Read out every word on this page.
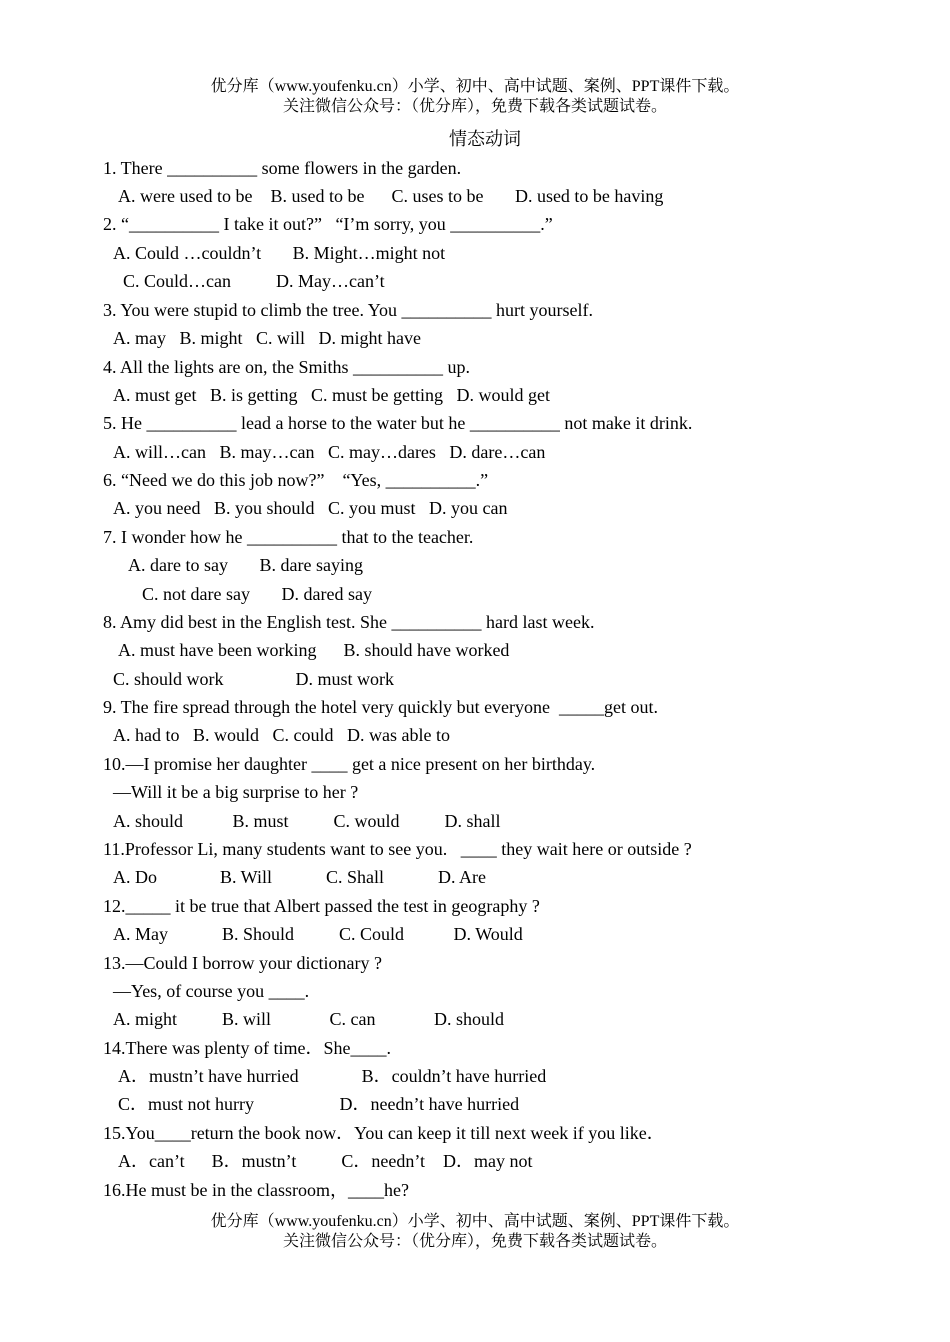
优分库（www.youfenku.cn）小学、初中、高中试题、案例、PPT课件下载。
关注微信公众号：（优分库），免费下载各类试题试卷。
情态动词
1. There __________ some flowers in the garden.
A. were used to be    B. used to be      C. uses to be       D. used to be having
2. “__________ I take it out?”   “I’m sorry, you __________.”
A. Could …couldn’t       B. Might…might not
C. Could…can          D. May…can’t
3. You were stupid to climb the tree. You __________ hurt yourself.
A. may   B. might   C. will   D. might have
4. All the lights are on, the Smiths __________ up.
A. must get   B. is getting   C. must be getting   D. would get
5. He __________ lead a horse to the water but he __________ not make it drink.
A. will…can   B. may…can   C. may…dares   D. dare…can
6. “Need we do this job now?”    “Yes, __________.”
A. you need   B. you should   C. you must   D. you can
7. I wonder how he __________ that to the teacher.
A. dare to say       B. dare saying
C. not dare say       D. dared say
8. Amy did best in the English test. She __________ hard last week.
A. must have been working      B. should have worked
C. should work                D. must work
9. The fire spread through the hotel very quickly but everyone  _____get out.
A. had to   B. would   C. could   D. was able to
10.—I promise her daughter ____ get a nice present on her birthday.
—Will it be a big surprise to her ?
A. should           B. must          C. would          D. shall
11.Professor Li, many students want to see you.   ____ they wait here or outside ?
A. Do              B. Will            C. Shall            D. Are
12._____ it be true that Albert passed the test in geography ?
A. May            B. Should          C. Could           D. Would
13.—Could I borrow your dictionary ?
—Yes, of course you ____.
A. might          B. will             C. can             D. should
14.There was plenty of time．She____.
A．mustn’t have hurried              B．couldn’t have hurried
C．must not hurry                   D．needn’t have hurried
15.You____return the book now．You can keep it till next week if you like．
A．can’t      B．mustn’t          C．needn’t    D．may not
16.He must be in the classroom，____he?
优分库（www.youfenku.cn）小学、初中、高中试题、案例、PPT课件下载。
关注微信公众号：（优分库），免费下载各类试题试卷。
